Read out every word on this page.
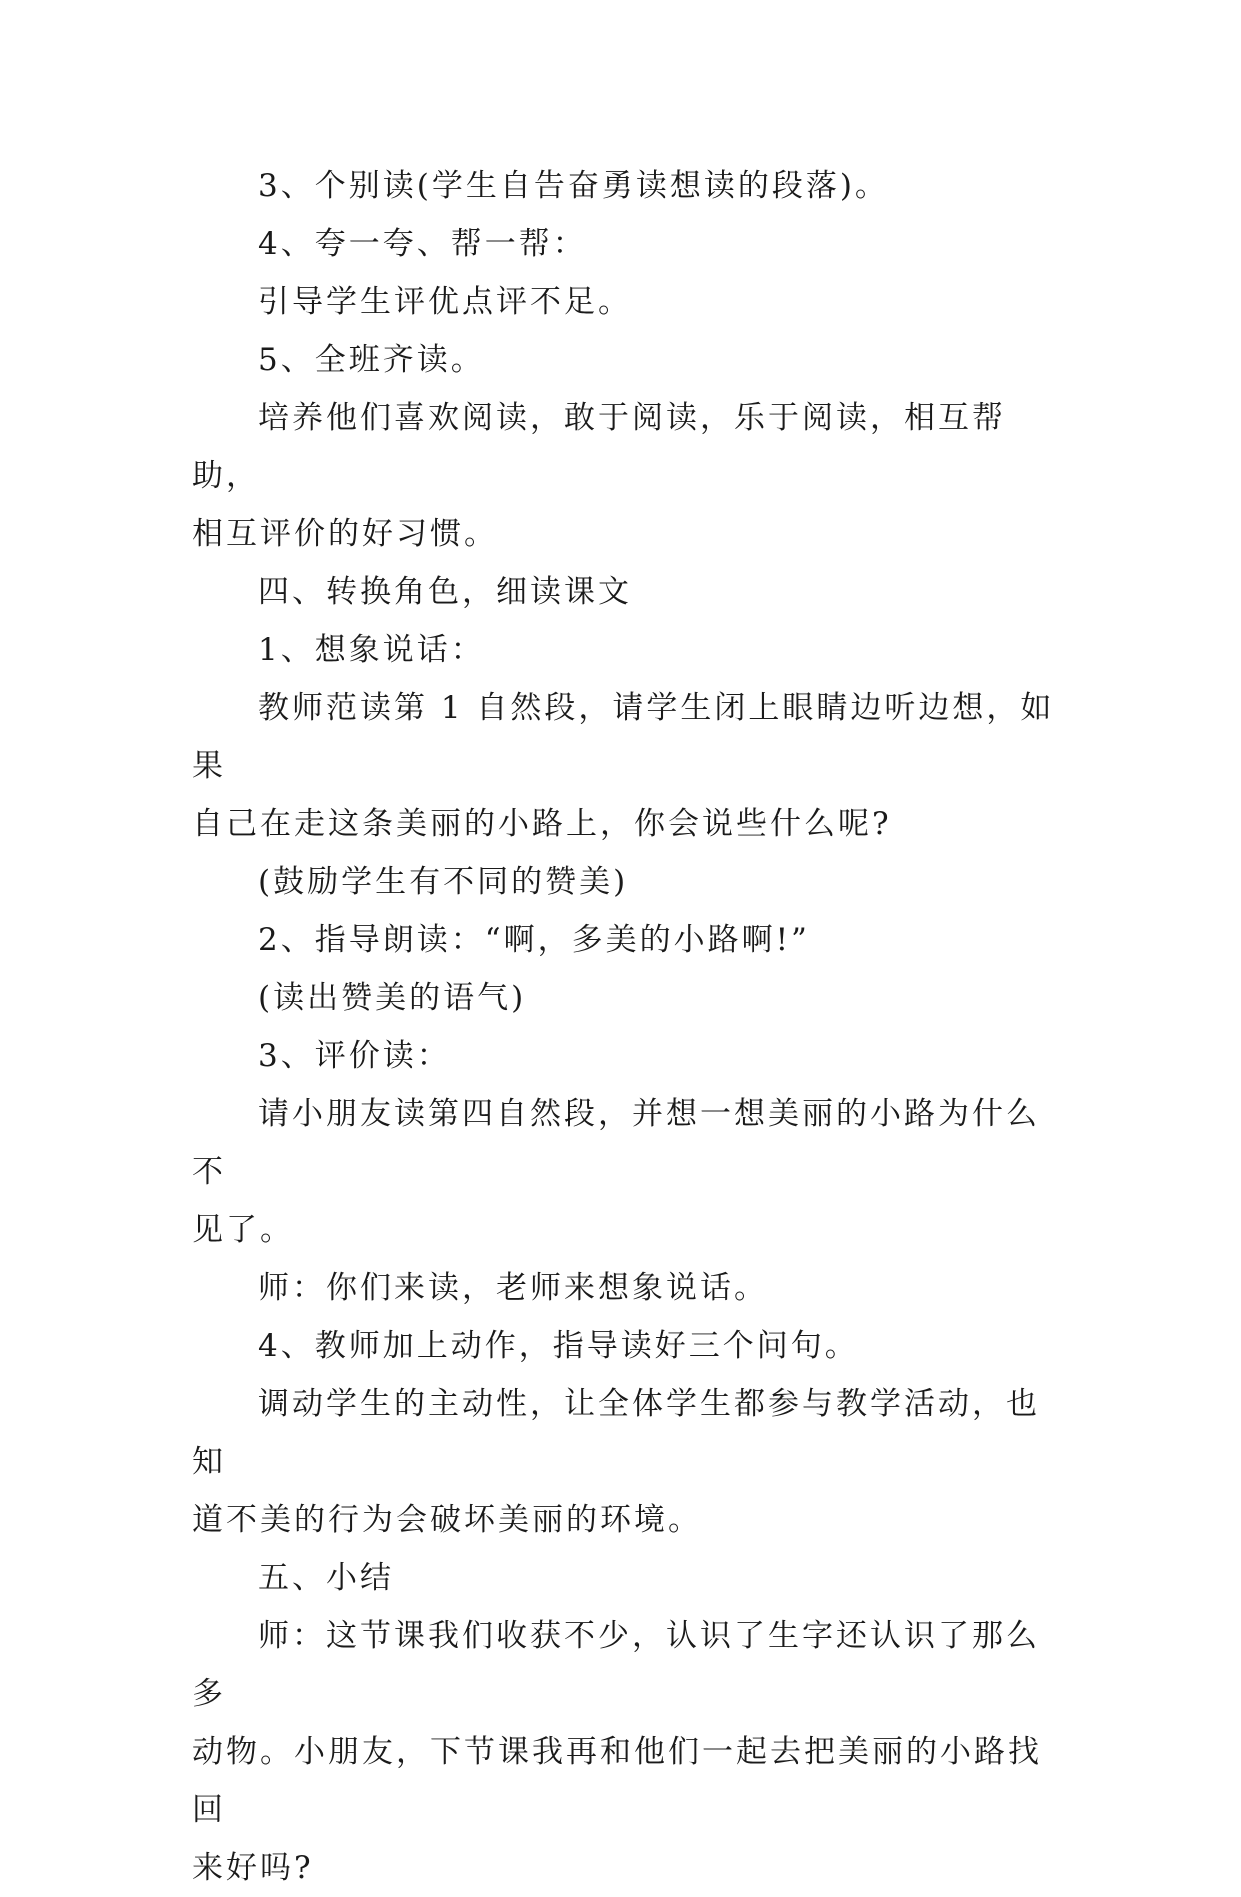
3、个别读(学生自告奋勇读想读的段落)。

4、夸一夸、帮一帮：

引导学生评优点评不足。

5、全班齐读。

培养他们喜欢阅读，敢于阅读，乐于阅读，相互帮助，
相互评价的好习惯。

四、转换角色，细读课文

1、想象说话：

教师范读第 1 自然段，请学生闭上眼睛边听边想，如果
自己在走这条美丽的小路上，你会说些什么呢?

(鼓励学生有不同的赞美)

2、指导朗读：“啊，多美的小路啊!”

(读出赞美的语气)

3、评价读：

请小朋友读第四自然段，并想一想美丽的小路为什么不
见了。

师：你们来读，老师来想象说话。

4、教师加上动作，指导读好三个问句。

调动学生的主动性，让全体学生都参与教学活动，也知
道不美的行为会破坏美丽的环境。

五、小结

师：这节课我们收获不少，认识了生字还认识了那么多
动物。小朋友，下节课我再和他们一起去把美丽的小路找回
来好吗?
